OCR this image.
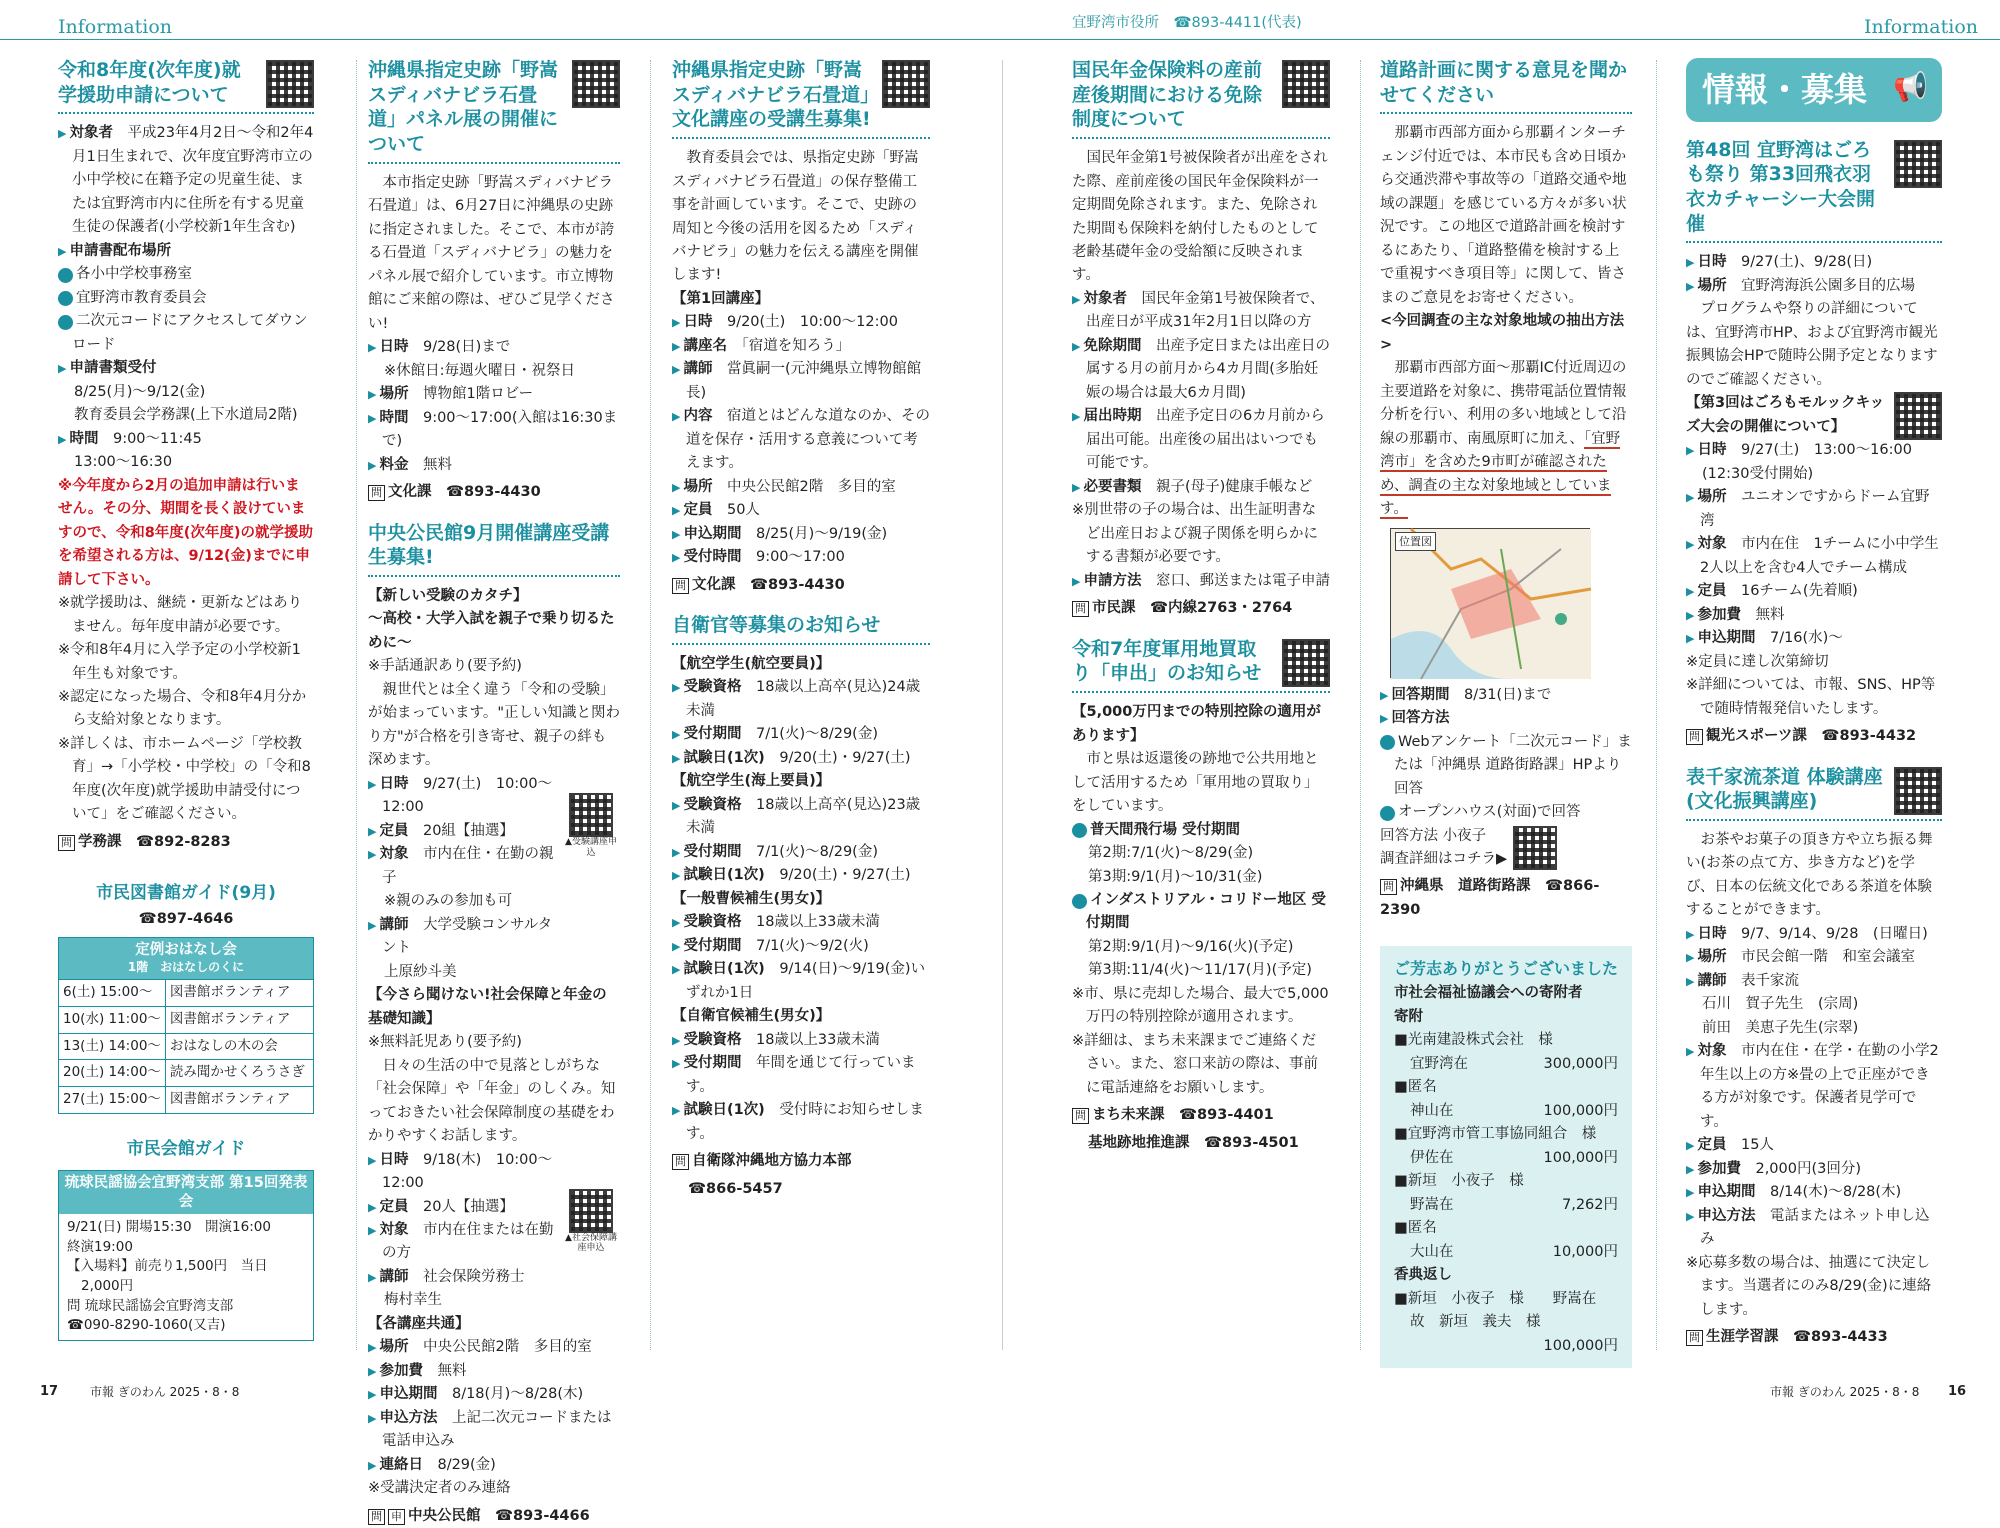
Information	宜野湾市役所　 ☎893-4411(代表)	Information
令和8年度(次年度)就学援助申請について
▶ 対象者　 平成23年4月2日～令和2年4月1日生まれで、次年度宜野湾市立の小中学校に在籍予定の児童生徒、または宜野湾市内に住所を有する児童生徒の保護者(小学校新1年生含む)
▶ 申請書配布場所　
1 各小中学校事務室
2 宜野湾市教育委員会
3 二次元コードにアクセスしてダウンロード
▶ 申請書類受付　
8/25(月)～9/12(金)
教育委員会学務課(上下水道局2階)
▶ 時間　 9:00～11:45
13:00～16:30
※今年度から2月の追加申請は行いません。その分、期間を長く設けていますので、令和8年度(次年度)の就学援助を希望される方は、9/12(金)までに申請して下さい。
※就学援助は、継続・更新などはありません。毎年度申請が必要です。
※令和8年4月に入学予定の小学校新1年生も対象です。
※認定になった場合、令和8年4月分から支給対象となります。
※詳しくは、市ホームページ「学校教育」→「小学校・中学校」の「令和8年度(次年度)就学援助申請受付について」をご確認ください。
問 学務課　☎892-8283
市民図書館ガイド(9月)
☎897-4646
定例おはなし会
1階　おはなしのくに
6(土) 15:00～	図書館ボランティア
10(水) 11:00～	図書館ボランティア
13(土) 14:00～	おはなしの木の会
20(土) 14:00～	読み聞かせくろうさぎ
27(土) 15:00～	図書館ボランティア
市民会館ガイド
琉球民謡協会宜野湾支部 第15回発表会
9/21(日) 開場15:30　開演16:00
終演19:00
【入場料】前売り1,500円　当日2,000円
問 琉球民謡協会宜野湾支部
☎090-8290-1060(又吉)
沖縄県指定史跡「野嵩スディバナビラ石畳道」パネル展の開催について
本市指定史跡「野嵩スディバナビラ石畳道」は、6月27日に沖縄県の史跡に指定されました。そこで、本市が誇る石畳道「スディバナビラ」の魅力をパネル展で紹介しています。市立博物館にご来館の際は、ぜひご見学ください!
▶ 日時　 9/28(日)まで
※休館日:毎週火曜日・祝祭日
▶ 場所　 博物館1階ロビー
▶ 時間　 9:00～17:00(入館は16:30まで)
▶ 料金　 無料
問 文化課　☎893-4430
中央公民館9月開催講座受講生募集!
【新しい受験のカタチ】
～高校・大学入試を親子で乗り切るために～
※手話通訳あり(要予約)
親世代とは全く違う「令和の受験」が始まっています。"正しい知識と関わり方"が合格を引き寄せ、親子の絆も深めます。
▶ 日時　 9/27(土)　10:00～12:00
▶ 定員　 20組【抽選】
▶ 対象　 市内在住・在勤の親子
※親のみの参加も可
▶ 講師　 大学受験コンサルタント
上原紗斗美
▲受験講座申込
【今さら聞けない!社会保障と年金の基礎知識】
※無料託児あり(要予約)
日々の生活の中で見落としがちな「社会保障」や「年金」のしくみ。知っておきたい社会保障制度の基礎をわかりやすくお話します。
▶ 日時　 9/18(木)　10:00～12:00
▶ 定員　 20人【抽選】
▶ 対象　 市内在住または在勤の方
▶ 講師　 社会保険労務士
梅村幸生
▲社会保障講座申込
【各講座共通】
▶ 場所　 中央公民館2階　多目的室
▶ 参加費　 無料
▶ 申込期間　 8/18(月)～8/28(木)
▶ 申込方法　 上記二次元コードまたは電話申込み
▶ 連絡日　 8/29(金)
※受講決定者のみ連絡
問 申 中央公民館　☎893-4466
沖縄県指定史跡「野嵩スディバナビラ石畳道」文化講座の受講生募集!
教育委員会では、県指定史跡「野嵩スディバナビラ石畳道」の保存整備工事を計画しています。そこで、史跡の周知と今後の活用を図るため「スディバナビラ」の魅力を伝える講座を開催します!
【第1回講座】
▶ 日時　 9/20(土)　10:00～12:00
▶ 講座名　 「宿道を知ろう」
▶ 講師　 當眞嗣一(元沖縄県立博物館館長)
▶ 内容　 宿道とはどんな道なのか、その道を保存・活用する意義について考えます。
▶ 場所　 中央公民館2階　多目的室
▶ 定員　 50人
▶ 申込期間　 8/25(月)～9/19(金)
▶ 受付時間　 9:00～17:00
問 文化課　☎893-4430
自衛官等募集のお知らせ
【航空学生(航空要員)】
▶ 受験資格　 18歳以上高卒(見込)24歳未満
▶ 受付期間　 7/1(火)～8/29(金)
▶ 試験日(1次)　 9/20(土)・9/27(土)
【航空学生(海上要員)】
▶ 受験資格　 18歳以上高卒(見込)23歳未満
▶ 受付期間　 7/1(火)～8/29(金)
▶ 試験日(1次)　 9/20(土)・9/27(土)
【一般曹候補生(男女)】
▶ 受験資格　 18歳以上33歳未満
▶ 受付期間　 7/1(火)～9/2(火)
▶ 試験日(1次)　 9/14(日)～9/19(金)いずれか1日
【自衛官候補生(男女)】
▶ 受験資格　 18歳以上33歳未満
▶ 受付期間　 年間を通じて行っています。
▶ 試験日(1次)　 受付時にお知らせします。
問 自衛隊沖縄地方協力本部
☎866-5457
国民年金保険料の産前産後期間における免除制度について
国民年金第1号被保険者が出産をされた際、産前産後の国民年金保険料が一定期間免除されます。また、免除された期間も保険料を納付したものとして老齢基礎年金の受給額に反映されます。
▶ 対象者　 国民年金第1号被保険者で、出産日が平成31年2月1日以降の方
▶ 免除期間　 出産予定日または出産日の属する月の前月から4カ月間(多胎妊娠の場合は最大6カ月間)
▶ 届出時期　 出産予定日の6カ月前から届出可能。出産後の届出はいつでも可能です。
▶ 必要書類　 親子(母子)健康手帳など
※別世帯の子の場合は、出生証明書など出産日および親子関係を明らかにする書類が必要です。
▶ 申請方法　 窓口、郵送または電子申請
問 市民課　☎内線2763・2764
令和7年度軍用地買取り「申出」のお知らせ
【5,000万円までの特別控除の適用があります】
市と県は返還後の跡地で公共用地として活用するため「軍用地の買取り」をしています。
1 普天間飛行場 受付期間
第2期:7/1(火)～8/29(金)
第3期:9/1(月)～10/31(金)
2 インダストリアル・コリドー地区 受付期間
第2期:9/1(月)～9/16(火)(予定)
第3期:11/4(火)～11/17(月)(予定)
※市、県に売却した場合、最大で5,000万円の特別控除が適用されます。
※詳細は、まち未来課までご連絡ください。また、窓口来訪の際は、事前に電話連絡をお願いします。
問 まち未来課　☎893-4401
基地跡地推進課　☎893-4501
道路計画に関する意見を聞かせてください
那覇市西部方面から那覇インターチェンジ付近では、本市民も含め日頃から交通渋滞や事故等の「道路交通や地域の課題」を感じている方々が多い状況です。この地区で道路計画を検討するにあたり、「道路整備を検討する上で重視すべき項目等」に関して、皆さまのご意見をお寄せください。
<今回調査の主な対象地域の抽出方法>
那覇市西部方面～那覇IC付近周辺の主要道路を対象に、携帯電話位置情報分析を行い、利用の多い地域として沿線の那覇市、南風原町に加え、「宜野湾市」を含めた9市町が確認されため、調査の主な対象地域としています。
位置図
▶ 回答期間　 8/31(日)まで
▶ 回答方法　
1 Webアンケート「二次元コード」または「沖縄県 道路街路課」HPより回答
2 オープンハウス(対面)で回答
回答方法 小夜子
調査詳細はコチラ▶
問 沖縄県　道路街路課　☎866-2390
ご芳志ありがとうございました
市社会福祉協議会への寄附者
寄附
■光南建設株式会社　様
宜野湾在	300,000円
■匿名
神山在	100,000円
■宜野湾市管工事協同組合　様
伊佐在	100,000円
■新垣　小夜子　様
野嵩在	7,262円
■匿名
大山在	10,000円
香典返し
■新垣　小夜子　様　　野嵩在
故　新垣　義夫　様
100,000円
情報・募集 📢
第48回 宜野湾はごろも祭り 第33回飛衣羽衣カチャーシー大会開催
▶ 日時　 9/27(土)、9/28(日)
▶ 場所　 宜野湾海浜公園多目的広場
プログラムや祭りの詳細については、宜野湾市HP、および宜野湾市観光振興協会HPで随時公開予定となりますのでご確認ください。
【第3回はごろもモルックキッズ大会の開催について】
▶ 日時　 9/27(土)　13:00～16:00
(12:30受付開始)
▶ 場所　 ユニオンですからドーム宜野湾
▶ 対象　 市内在住　1チームに小中学生2人以上を含む4人でチーム構成
▶ 定員　 16チーム(先着順)
▶ 参加費　 無料
▶ 申込期間　 7/16(水)～
※定員に達し次第締切
※詳細については、市報、SNS、HP等で随時情報発信いたします。
問 観光スポーツ課　☎893-4432
表千家流茶道 体験講座(文化振興講座)
お茶やお菓子の頂き方や立ち振る舞い(お茶の点て方、歩き方など)を学び、日本の伝統文化である茶道を体験することができます。
▶ 日時　 9/7、9/14、9/28　(日曜日)
▶ 場所　 市民会館一階　和室会議室
▶ 講師　 表千家流
石川　賀子先生　(宗周)
前田　美恵子先生(宗翠)
▶ 対象　 市内在住・在学・在勤の小学2年生以上の方※畳の上で正座ができる方が対象です。保護者見学可です。
▶ 定員　 15人
▶ 参加費　 2,000円(3回分)
▶ 申込期間　 8/14(木)～8/28(木)
▶ 申込方法　 電話またはネット申し込み
※応募多数の場合は、抽選にて決定します。当選者にのみ8/29(金)に連絡します。
問 生涯学習課　☎893-4433
17	市報 ぎのわん 2025・8・8	市報 ぎのわん 2025・8・8 16
